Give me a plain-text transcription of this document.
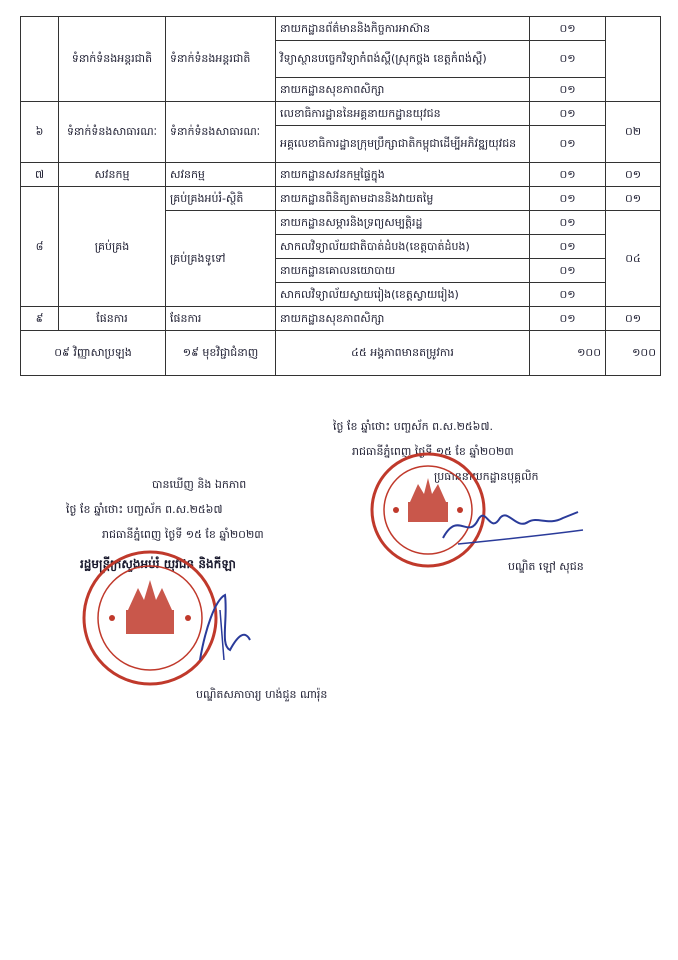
	ទំនាក់ទំនងអន្តរជាតិ	ទំនាក់ទំនងអន្តរជាតិ	នាយកដ្ឋានព័ត៌មាននិងកិច្ចការអាស៊ាន	០១	
			វិទ្យាស្ថានបច្ចេកវិទ្យាកំពង់ស្ពឺ(ស្រុកថ្ពង ខេត្តកំពង់ស្ពឺ)	០១	
			នាយកដ្ឋានសុខភាពសិក្សា	០១	
៦	ទំនាក់ទំនងសាធារណៈ	ទំនាក់ទំនងសាធារណៈ	លេខាធិការដ្ឋាននៃអគ្គនាយកដ្ឋានយុវជន	០១	០២
			អគ្គលេខាធិការដ្ឋានក្រុមប្រឹក្សាជាតិកម្ពុជាដើម្បីអភិវឌ្ឍយុវជន	០១	
៧	សវនកម្ម	សវនកម្ម	នាយកដ្ឋានសវនកម្មផ្ទៃក្នុង	០១	០១
៨	គ្រប់គ្រង	គ្រប់គ្រងអប់រំ-ស្ថិតិ	នាយកដ្ឋានពិនិត្យតាមដាននិងវាយតម្លៃ	០១	០១
		គ្រប់គ្រងទូទៅ	នាយកដ្ឋានសម្ភារនិងទ្រព្យសម្បត្តិរដ្ឋ	០១	០៤
			សាកលវិទ្យាល័យជាតិបាត់ដំបង(ខេត្តបាត់ដំបង)	០១	
			នាយកដ្ឋានគោលនយោបាយ	០១	
			សាកលវិទ្យាល័យស្វាយរៀង(ខេត្តស្វាយរៀង)	០១	
៩	ផែនការ	ផែនការ	នាយកដ្ឋានសុខភាពសិក្សា	០១	០១
០៩ វិញ្ញាសាប្រឡង		១៩ មុខវិជ្ជាជំនាញ	៤៥ អង្គភាពមានតម្រូវការ	១០០	១០០
ថ្ងៃ ខែ ឆ្នាំថោះ បញ្ចស័ក ព.ស.២៥៦៧.
រាជធានីភ្នំពេញ ថ្ងៃទី ១៥ ខែ ឆ្នាំ២០២៣
ប្រធាននាយកដ្ឋានបុគ្គលិក
បណ្ឌិត ឡៅ សុជន
បានឃើញ និង ឯកភាព
ថ្ងៃ ខែ ឆ្នាំថោះ បញ្ចស័ក ព.ស.២៥៦៧
រាជធានីភ្នំពេញ ថ្ងៃទី ១៥ ខែ ឆ្នាំ២០២៣
រដ្ឋមន្ត្រីក្រសួងអប់រំ យុវជន និងកីឡា
បណ្ឌិតសភាចារ្យ ហង់ជួន ណារ៉ុន
